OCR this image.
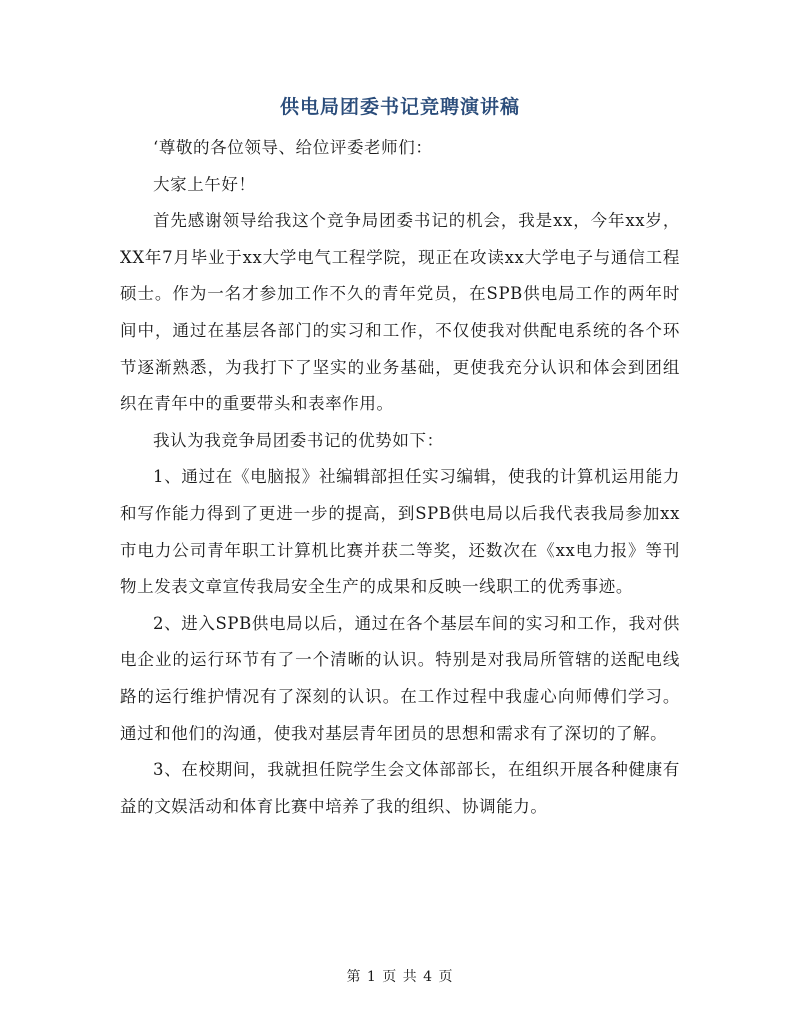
供电局团委书记竞聘演讲稿

‘尊敬的各位领导、给位评委老师们：

大家上午好！

首先感谢领导给我这个竞争局团委书记的机会，我是xx，今年xx岁，XX年7月毕业于xx大学电气工程学院，现正在攻读xx大学电子与通信工程硕士。作为一名才参加工作不久的青年党员，在SPB供电局工作的两年时间中，通过在基层各部门的实习和工作，不仅使我对供配电系统的各个环节逐渐熟悉，为我打下了坚实的业务基础，更使我充分认识和体会到团组织在青年中的重要带头和表率作用。

我认为我竞争局团委书记的优势如下：

1、通过在《电脑报》社编辑部担任实习编辑，使我的计算机运用能力和写作能力得到了更进一步的提高，到SPB供电局以后我代表我局参加xx市电力公司青年职工计算机比赛并获二等奖，还数次在《xx电力报》等刊物上发表文章宣传我局安全生产的成果和反映一线职工的优秀事迹。

2、进入SPB供电局以后，通过在各个基层车间的实习和工作，我对供电企业的运行环节有了一个清晰的认识。特别是对我局所管辖的送配电线路的运行维护情况有了深刻的认识。在工作过程中我虚心向师傅们学习。通过和他们的沟通，使我对基层青年团员的思想和需求有了深切的了解。

3、在校期间，我就担任院学生会文体部部长，在组织开展各种健康有益的文娱活动和体育比赛中培养了我的组织、协调能力。

第 1 页 共 4 页
